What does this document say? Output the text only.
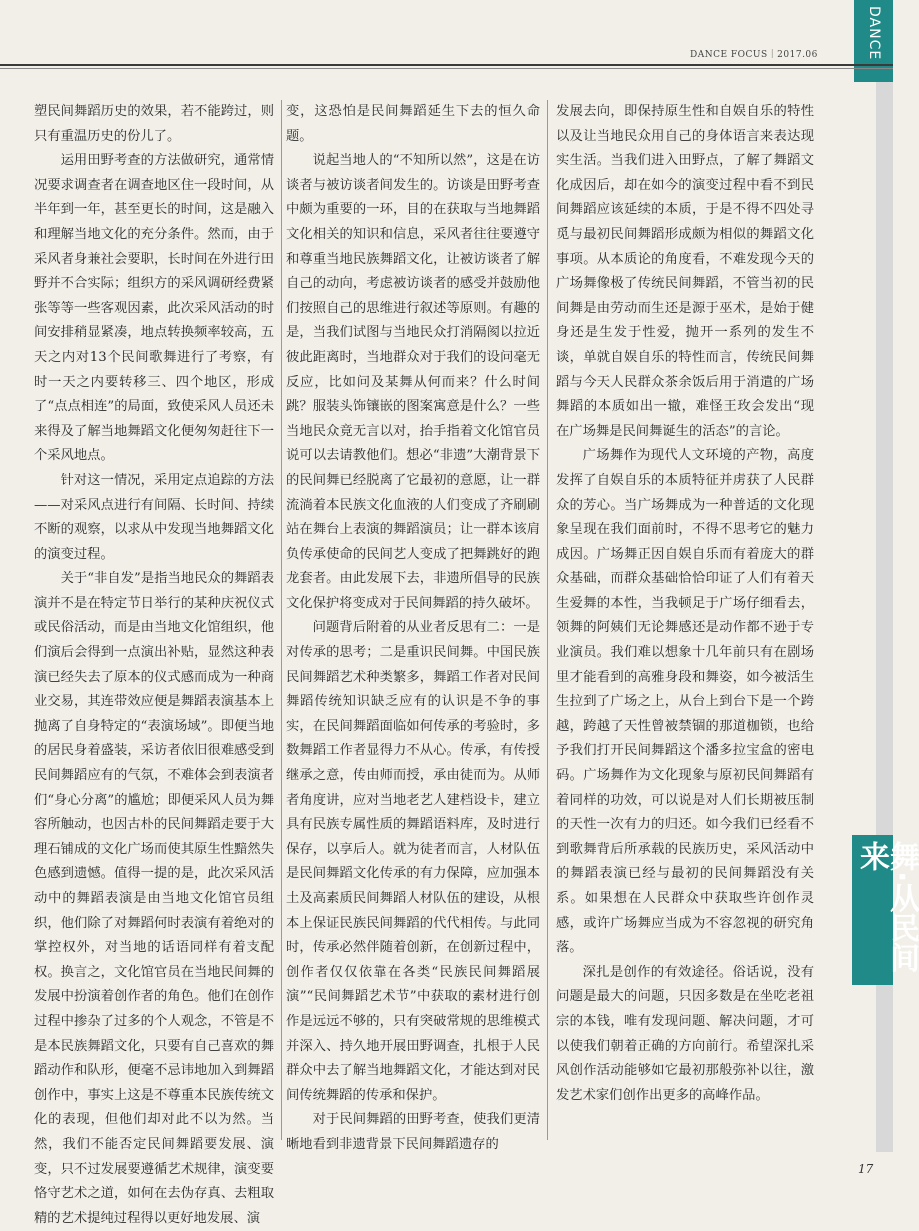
DANCE
DANCE FOCUS｜2017.06
舞·从民间来

塑民间舞蹈历史的效果，若不能跨过，则只有重温历史的份儿了。

运用田野考查的方法做研究，通常情况要求调查者在调查地区住一段时间，从半年到一年，甚至更长的时间，这是融入和理解当地文化的充分条件。然而，由于采风者身兼社会要职，长时间在外进行田野并不合实际；组织方的采风调研经费紧张等等一些客观因素，此次采风活动的时间安排稍显紧凑，地点转换频率较高，五天之内对13个民间歌舞进行了考察，有时一天之内要转移三、四个地区，形成了“点点相连”的局面，致使采风人员还未来得及了解当地舞蹈文化便匆匆赶往下一个采风地点。

针对这一情况，采用定点追踪的方法——对采风点进行有间隔、长时间、持续不断的观察，以求从中发现当地舞蹈文化的演变过程。

关于“非自发”是指当地民众的舞蹈表演并不是在特定节日举行的某种庆祝仪式或民俗活动，而是由当地文化馆组织，他们演后会得到一点演出补贴，显然这种表演已经失去了原本的仪式感而成为一种商业交易，其连带效应便是舞蹈表演基本上抛离了自身特定的“表演场域”。即便当地的居民身着盛装，采访者依旧很难感受到民间舞蹈应有的气氛，不难体会到表演者们“身心分离”的尴尬；即便采风人员为舞容所触动，也因古朴的民间舞蹈走要于大理石铺成的文化广场而使其原生性黯然失色感到遗憾。值得一提的是，此次采风活动中的舞蹈表演是由当地文化馆官员组织，他们除了对舞蹈何时表演有着绝对的掌控权外，对当地的话语同样有着支配权。换言之，文化馆官员在当地民间舞的发展中扮演着创作者的角色。他们在创作过程中掺杂了过多的个人观念，不管是不是本民族舞蹈文化，只要有自己喜欢的舞蹈动作和队形，便毫不忌讳地加入到舞蹈创作中，事实上这是不尊重本民族传统文化的表现，但他们却对此不以为然。当然，我们不能否定民间舞蹈要发展、演变，只不过发展要遵循艺术规律，演变要恪守艺术之道，如何在去伪存真、去粗取精的艺术提纯过程得以更好地发展、演

变，这恐怕是民间舞蹈延生下去的恒久命题。

说起当地人的“不知所以然”，这是在访谈者与被访谈者间发生的。访谈是田野考查中颇为重要的一环，目的在获取与当地舞蹈文化相关的知识和信息，采风者往往要遵守和尊重当地民族舞蹈文化，让被访谈者了解自己的动向，考虑被访谈者的感受并鼓励他们按照自己的思维进行叙述等原则。有趣的是，当我们试图与当地民众打消隔阂以拉近彼此距离时，当地群众对于我们的设问毫无反应，比如问及某舞从何而来？什么时间跳？服装头饰镶嵌的图案寓意是什么？一些当地民众竟无言以对，抬手指着文化馆官员说可以去请教他们。想必“非遗”大潮背景下的民间舞已经脱离了它最初的意愿，让一群流淌着本民族文化血液的人们变成了齐刷刷站在舞台上表演的舞蹈演员；让一群本该肩负传承使命的民间艺人变成了把舞跳好的跑龙套者。由此发展下去，非遗所倡导的民族文化保护将变成对于民间舞蹈的持久破坏。

问题背后附着的从业者反思有二：一是对传承的思考；二是重识民间舞。中国民族民间舞蹈艺术种类繁多，舞蹈工作者对民间舞蹈传统知识缺乏应有的认识是不争的事实，在民间舞蹈面临如何传承的考验时，多数舞蹈工作者显得力不从心。传承，有传授继承之意，传由师而授，承由徒而为。从师者角度讲，应对当地老艺人建档设卡，建立具有民族专属性质的舞蹈语料库，及时进行保存，以享后人。就为徒者而言，人材队伍是民间舞蹈文化传承的有力保障，应加强本土及高素质民间舞蹈人材队伍的建设，从根本上保证民族民间舞蹈的代代相传。与此同时，传承必然伴随着创新，在创新过程中，创作者仅仅依靠在各类“民族民间舞蹈展演”“民间舞蹈艺术节”中获取的素材进行创作是远远不够的，只有突破常规的思维模式并深入、持久地开展田野调查，扎根于人民群众中去了解当地舞蹈文化，才能达到对民间传统舞蹈的传承和保护。

对于民间舞蹈的田野考查，使我们更清晰地看到非遗背景下民间舞蹈遗存的

发展去向，即保持原生性和自娱自乐的特性以及让当地民众用自己的身体语言来表达现实生活。当我们进入田野点，了解了舞蹈文化成因后，却在如今的演变过程中看不到民间舞蹈应该延续的本质，于是不得不四处寻觅与最初民间舞蹈形成颇为相似的舞蹈文化事项。从本质论的角度看，不难发现今天的广场舞像极了传统民间舞蹈，不管当初的民间舞是由劳动而生还是源于巫术，是始于健身还是生发于性爱，抛开一系列的发生不谈，单就自娱自乐的特性而言，传统民间舞蹈与今天人民群众茶余饭后用于消遣的广场舞蹈的本质如出一辙，难怪王玫会发出“现在广场舞是民间舞诞生的活态”的言论。

广场舞作为现代人文环境的产物，高度发挥了自娱自乐的本质特征并虏获了人民群众的芳心。当广场舞成为一种普适的文化现象呈现在我们面前时，不得不思考它的魅力成因。广场舞正因自娱自乐而有着庞大的群众基础，而群众基础恰恰印证了人们有着天生爱舞的本性，当我顿足于广场仔细看去，领舞的阿姨们无论舞感还是动作都不逊于专业演员。我们难以想象十几年前只有在剧场里才能看到的高雅身段和舞姿，如今被活生生拉到了广场之上，从台上到台下是一个跨越，跨越了天性曾被禁锢的那道枷锁，也给予我们打开民间舞蹈这个潘多拉宝盒的密电码。广场舞作为文化现象与原初民间舞蹈有着同样的功效，可以说是对人们长期被压制的天性一次有力的归还。如今我们已经看不到歌舞背后所承载的民族历史，采风活动中的舞蹈表演已经与最初的民间舞蹈没有关系。如果想在人民群众中获取些许创作灵感，或许广场舞应当成为不容忽视的研究角落。

深扎是创作的有效途径。俗话说，没有问题是最大的问题，只因多数是在坐吃老祖宗的本钱，唯有发现问题、解决问题，才可以使我们朝着正确的方向前行。希望深扎采风创作活动能够如它最初那般弥补以往，激发艺术家们创作出更多的高峰作品。

17
